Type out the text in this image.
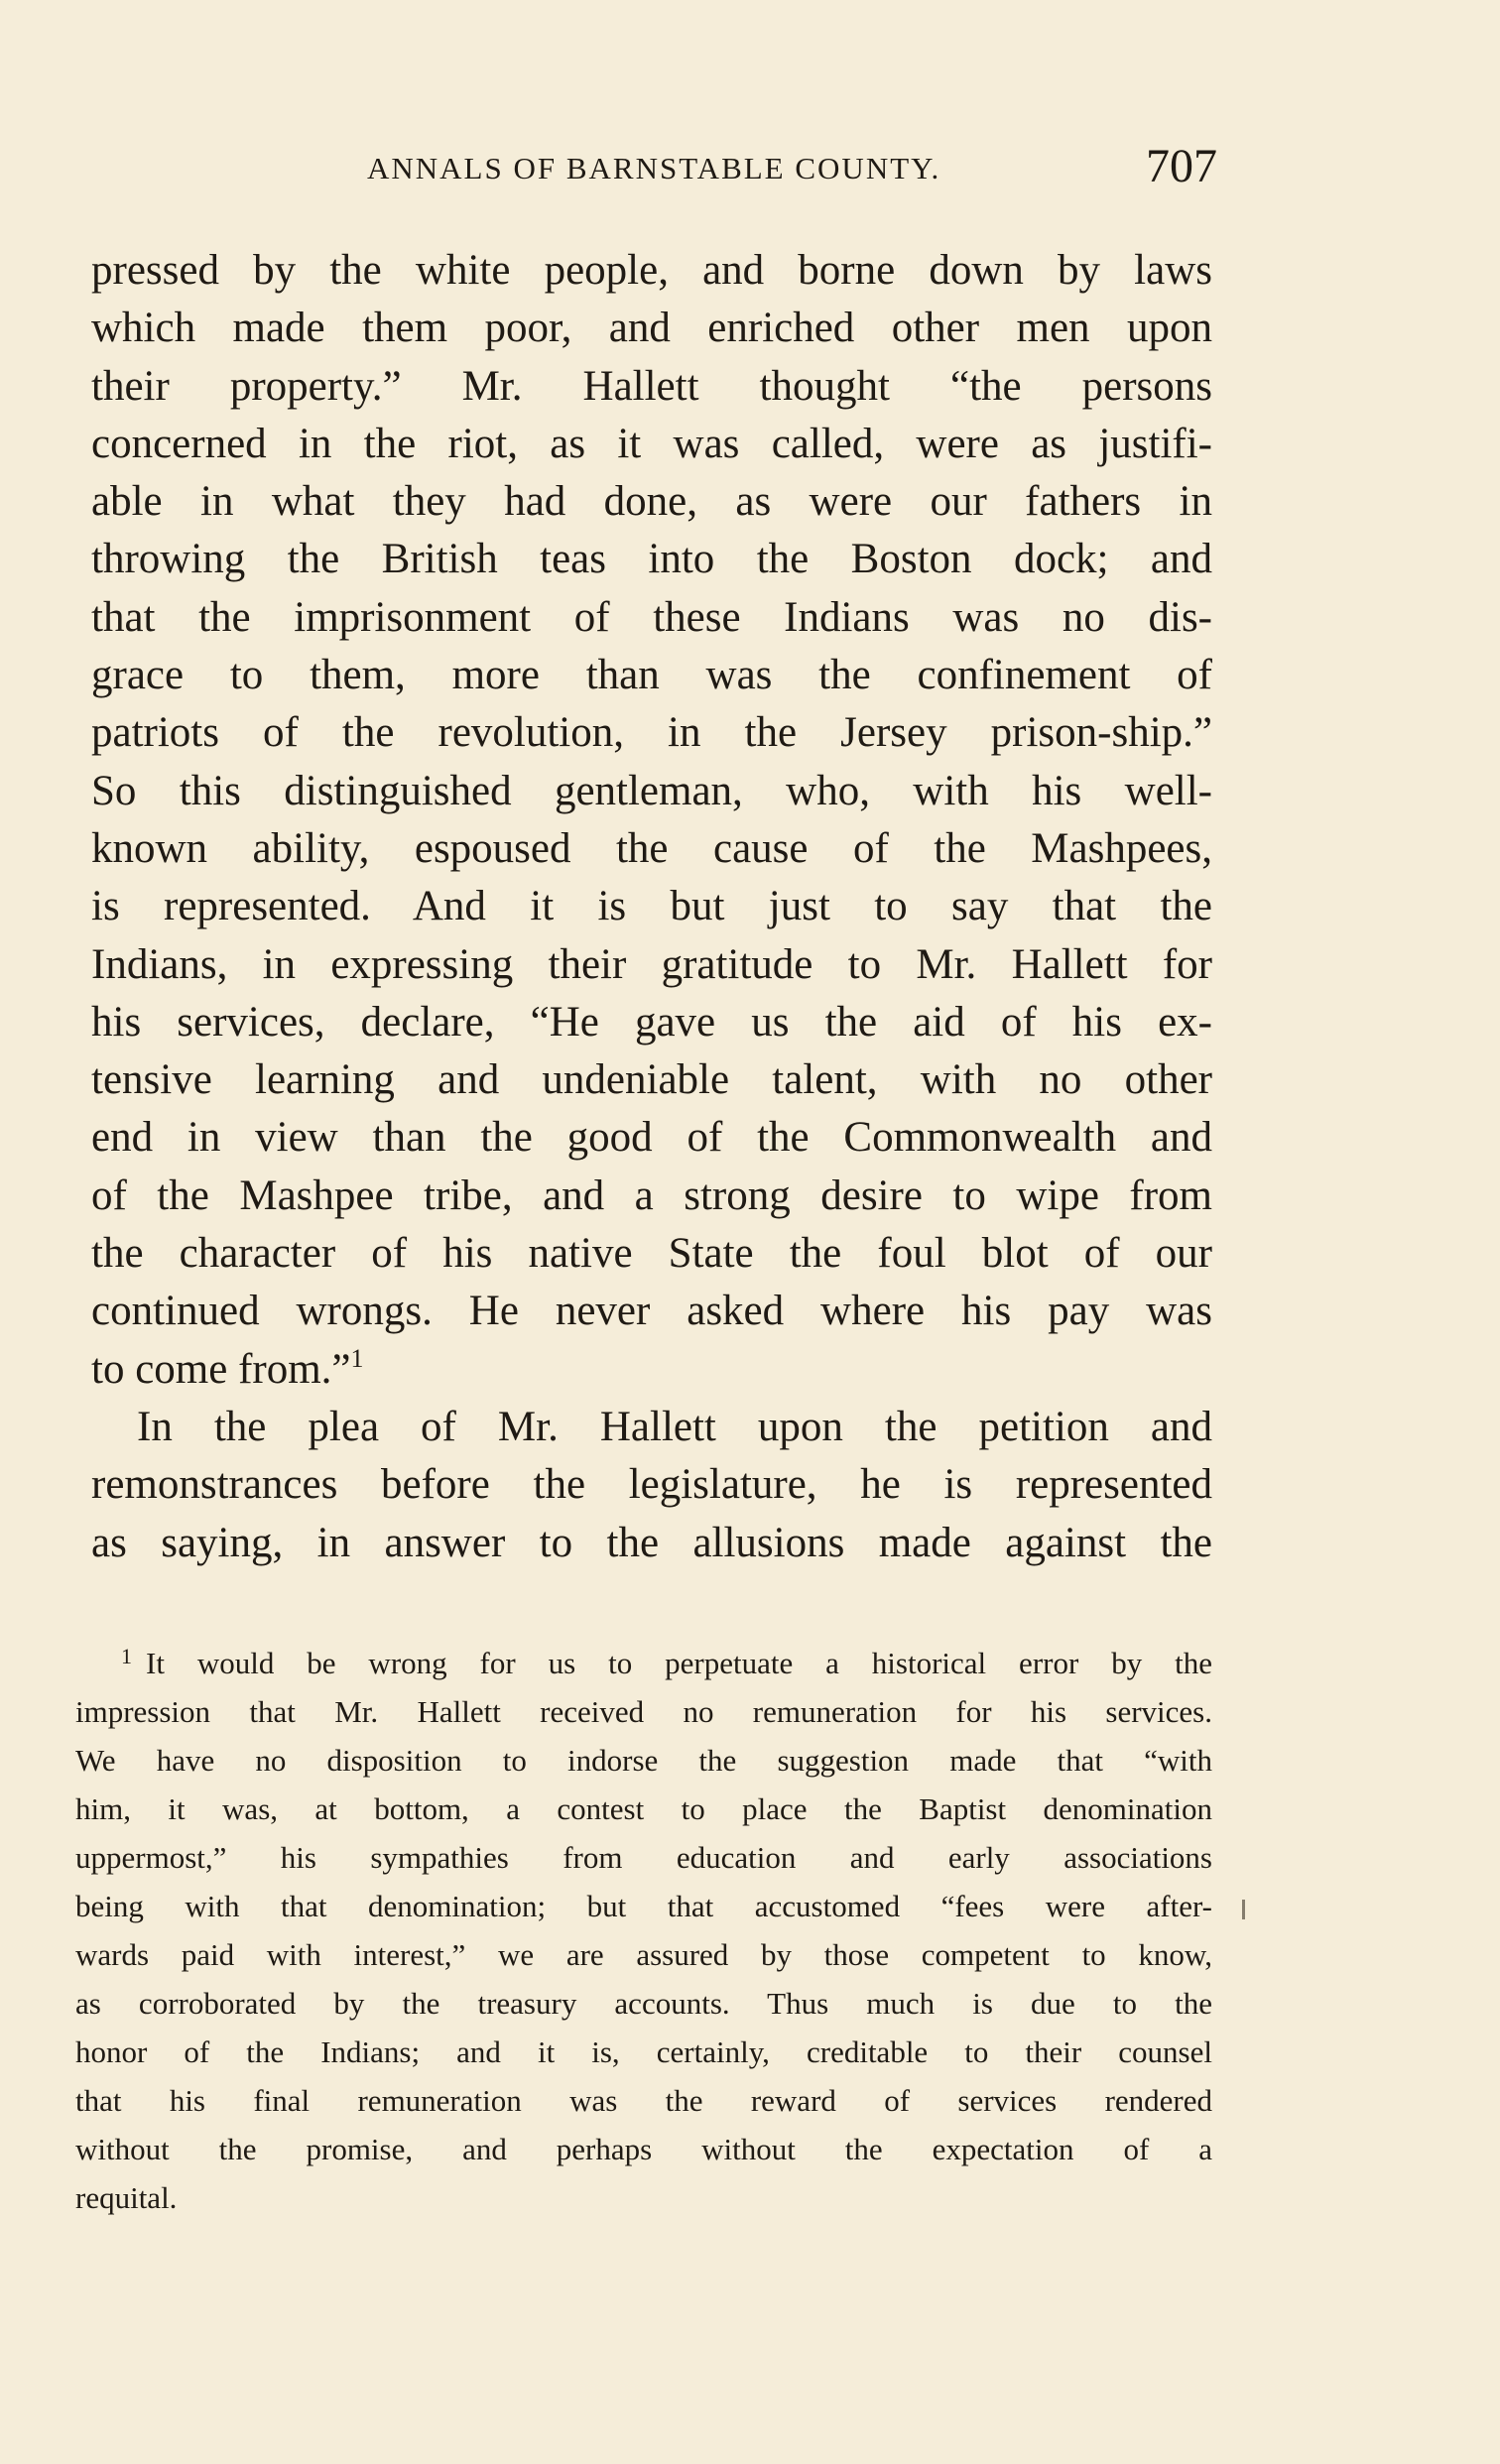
ANNALS OF BARNSTABLE COUNTY.	707
pressed by the white people, and borne down by laws
which made them poor, and enriched other men upon
their property.” Mr. Hallett thought “the persons
concerned in the riot, as it was called, were as justifi-
able in what they had done, as were our fathers in
throwing the British teas into the Boston dock; and
that the imprisonment of these Indians was no dis-
grace to them, more than was the confinement of
patriots of the revolution, in the Jersey prison-ship.”
So this distinguished gentleman, who, with his well-
known ability, espoused the cause of the Mashpees,
is represented. And it is but just to say that the
Indians, in expressing their gratitude to Mr. Hallett for
his services, declare, “He gave us the aid of his ex-
tensive learning and undeniable talent, with no other
end in view than the good of the Commonwealth and
of the Mashpee tribe, and a strong desire to wipe from
the character of his native State the foul blot of our
continued wrongs. He never asked where his pay was
to come from.”$^1$
In the plea of Mr. Hallett upon the petition and
remonstrances before the legislature, he is represented
as saying, in answer to the allusions made against the
$^1$ It would be wrong for us to perpetuate a historical error by the
impression that Mr. Hallett received no remuneration for his services.
We have no disposition to indorse the suggestion made that “with
him, it was, at bottom, a contest to place the Baptist denomination
uppermost,” his sympathies from education and early associations
being with that denomination; but that accustomed “fees were after-
wards paid with interest,” we are assured by those competent to know,
as corroborated by the treasury accounts. Thus much is due to the
honor of the Indians; and it is, certainly, creditable to their counsel
that his final remuneration was the reward of services rendered
without the promise, and perhaps without the expectation of a
requital.
